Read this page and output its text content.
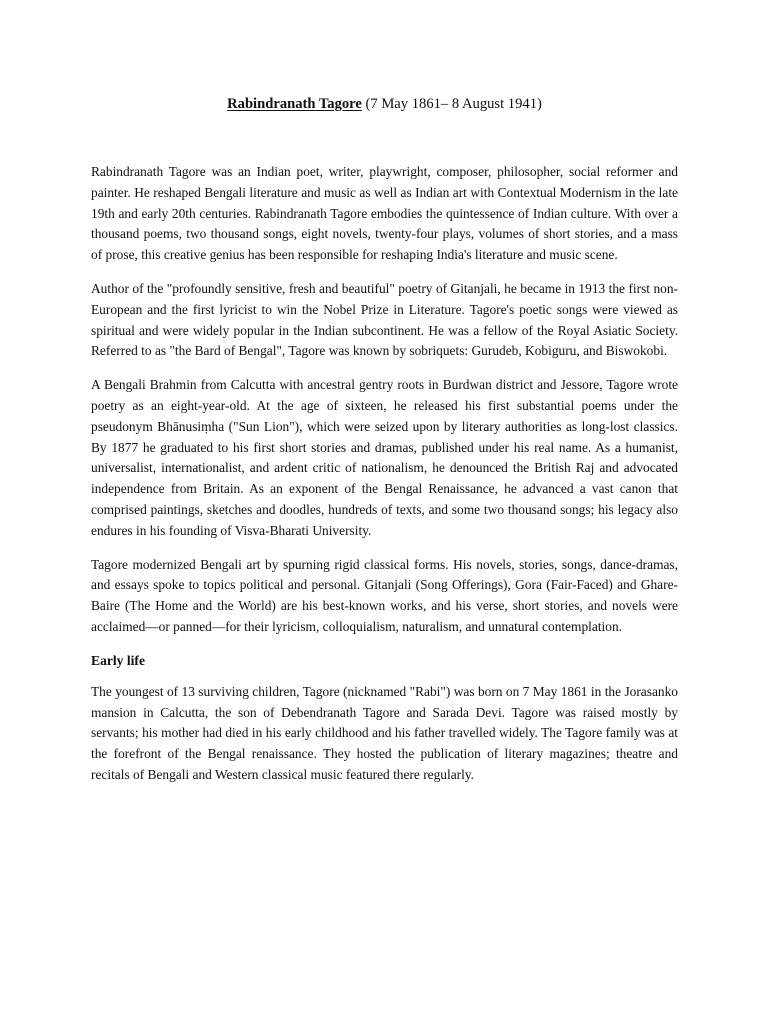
Rabindranath Tagore (7 May 1861– 8 August 1941)

Rabindranath Tagore was an Indian poet, writer, playwright, composer, philosopher, social reformer and painter. He reshaped Bengali literature and music as well as Indian art with Contextual Modernism in the late 19th and early 20th centuries. Rabindranath Tagore embodies the quintessence of Indian culture. With over a thousand poems, two thousand songs, eight novels, twenty-four plays, volumes of short stories, and a mass of prose, this creative genius has been responsible for reshaping India's literature and music scene.

Author of the "profoundly sensitive, fresh and beautiful" poetry of Gitanjali, he became in 1913 the first non-European and the first lyricist to win the Nobel Prize in Literature. Tagore's poetic songs were viewed as spiritual and were widely popular in the Indian subcontinent. He was a fellow of the Royal Asiatic Society. Referred to as "the Bard of Bengal", Tagore was known by sobriquets: Gurudeb, Kobiguru, and Biswokobi.

A Bengali Brahmin from Calcutta with ancestral gentry roots in Burdwan district and Jessore, Tagore wrote poetry as an eight-year-old. At the age of sixteen, he released his first substantial poems under the pseudonym Bhānusiṃha ("Sun Lion"), which were seized upon by literary authorities as long-lost classics. By 1877 he graduated to his first short stories and dramas, published under his real name. As a humanist, universalist, internationalist, and ardent critic of nationalism, he denounced the British Raj and advocated independence from Britain. As an exponent of the Bengal Renaissance, he advanced a vast canon that comprised paintings, sketches and doodles, hundreds of texts, and some two thousand songs; his legacy also endures in his founding of Visva-Bharati University.

Tagore modernized Bengali art by spurning rigid classical forms. His novels, stories, songs, dance-dramas, and essays spoke to topics political and personal. Gitanjali (Song Offerings), Gora (Fair-Faced) and Ghare-Baire (The Home and the World) are his best-known works, and his verse, short stories, and novels were acclaimed—or panned—for their lyricism, colloquialism, naturalism, and unnatural contemplation.

Early life

The youngest of 13 surviving children, Tagore (nicknamed "Rabi") was born on 7 May 1861 in the Jorasanko mansion in Calcutta, the son of Debendranath Tagore and Sarada Devi. Tagore was raised mostly by servants; his mother had died in his early childhood and his father travelled widely. The Tagore family was at the forefront of the Bengal renaissance. They hosted the publication of literary magazines; theatre and recitals of Bengali and Western classical music featured there regularly.
